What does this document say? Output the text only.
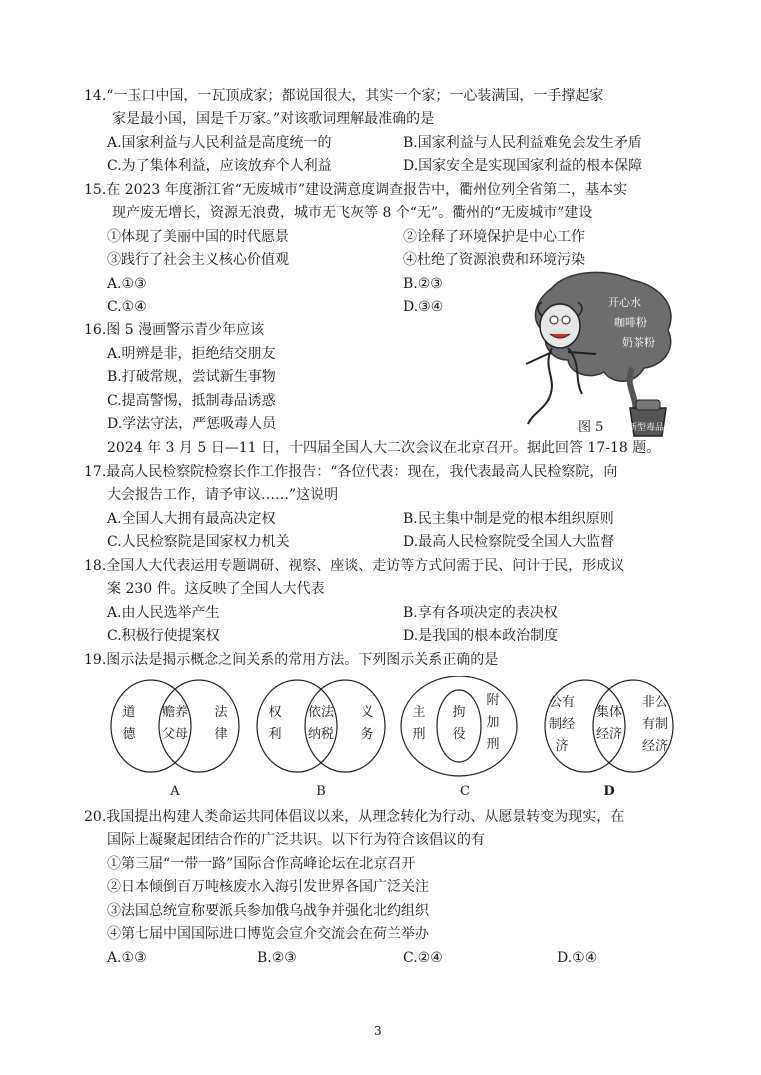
14.“一玉口中国，一瓦顶成家；都说国很大，其实一个家；一心装满国，一手撑起家
家是最小国，国是千万家。”对该歌词理解最准确的是
A.国家利益与人民利益是高度统一的	B.国家利益与人民利益难免会发生矛盾
C.为了集体利益，应该放弃个人利益	D.国家安全是实现国家利益的根本保障
15.在 2023 年度浙江省“无废城市”建设满意度调查报告中，衢州位列全省第二，基本实
现产废无增长，资源无浪费，城市无飞灰等 8 个“无”。衢州的“无废城市”建设
①体现了美丽中国的时代愿景	②诠释了环境保护是中心工作
③践行了社会主义核心价值观	④杜绝了资源浪费和环境污染
A.①③	B.②③
C.①④	D.③④
16.图 5 漫画警示青少年应该
A.明辨是非，拒绝结交朋友
B.打破常规，尝试新生事物
C.提高警惕，抵制毒品诱惑
D.学法守法，严惩吸毒人员
开心水
咖啡粉
奶茶粉
新型毒品
图 5
2024 年 3 月 5 日—11 日，十四届全国人大二次会议在北京召开。据此回答 17-18 题。
17.最高人民检察院检察长作工作报告：“各位代表：现在，我代表最高人民检察院，向
大会报告工作，请予审议……”这说明
A.全国人大拥有最高决定权	B.民主集中制是党的根本组织原则
C.人民检察院是国家权力机关	D.最高人民检察院受全国人大监督
18.全国人大代表运用专题调研、视察、座谈、走访等方式问需于民、问计于民，形成议
案 230 件。这反映了全国人大代表
A.由人民选举产生	B.享有各项决定的表决权
C.积极行使提案权	D.是我国的根本政治制度
19.图示法是揭示概念之间关系的常用方法。下列图示关系正确的是
道
德
赡养
父母
法
律
A
权
利
依法
纳税
义
务
B
主
刑
拘
役
附
加
刑
C
公有
制经
济
集体
经济
非公
有制
经济
D
20.我国提出构建人类命运共同体倡议以来，从理念转化为行动、从愿景转变为现实，在
国际上凝聚起团结合作的广泛共识。以下行为符合该倡议的有
①第三届“一带一路”国际合作高峰论坛在北京召开
②日本倾倒百万吨核废水入海引发世界各国广泛关注
③法国总统宣称要派兵参加俄乌战争并强化北约组织
④第七届中国国际进口博览会宣介交流会在荷兰举办
A.①③	B.②③	C.②④	D.①④
3
